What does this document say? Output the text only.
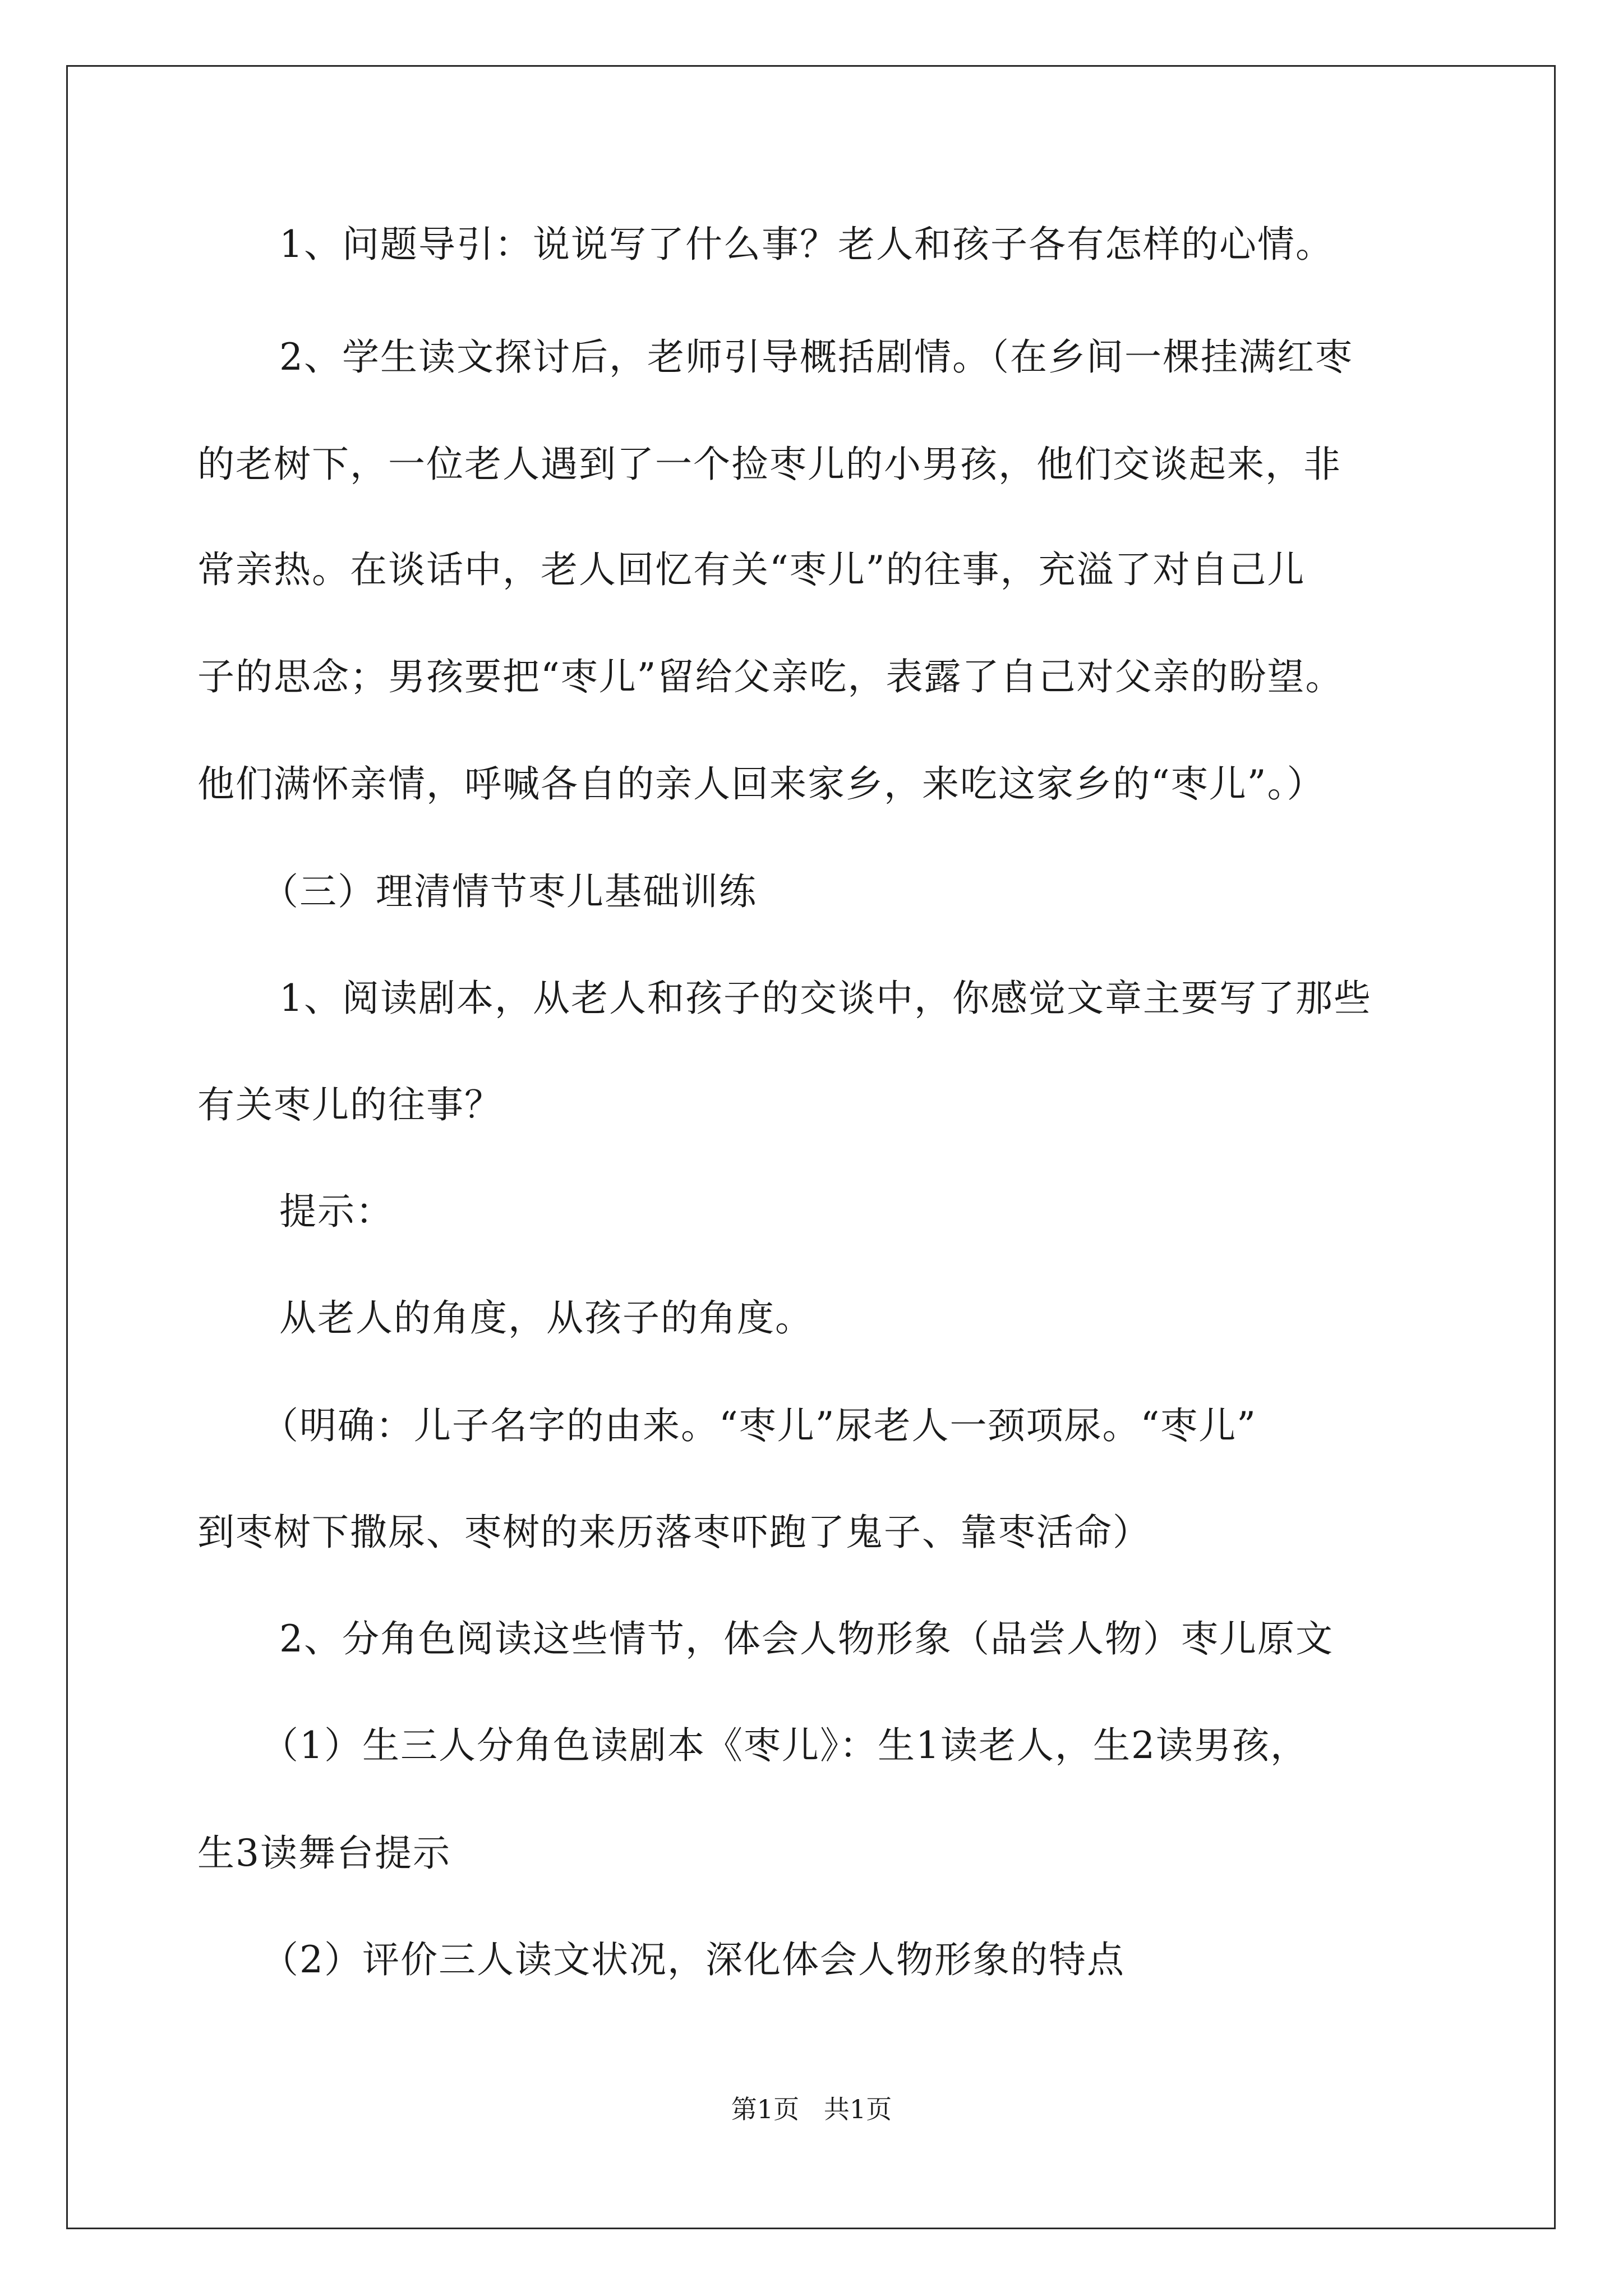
1、问题导引：说说写了什么事？老人和孩子各有怎样的心情。
2、学生读文探讨后，老师引导概括剧情。（在乡间一棵挂满红枣
的老树下，一位老人遇到了一个捡枣儿的小男孩，他们交谈起来，非
常亲热。在谈话中，老人回忆有关“枣儿”的往事，充溢了对自己儿
子的思念；男孩要把“枣儿”留给父亲吃，表露了自己对父亲的盼望。
他们满怀亲情，呼喊各自的亲人回来家乡，来吃这家乡的“枣儿”。）
（三）理清情节枣儿基础训练
1、阅读剧本，从老人和孩子的交谈中，你感觉文章主要写了那些
有关枣儿的往事？
提示：
从老人的角度，从孩子的角度。
（明确：儿子名字的由来。“枣儿”尿老人一颈项尿。“枣儿”
到枣树下撒尿、枣树的来历落枣吓跑了鬼子、靠枣活命）
2、分角色阅读这些情节，体会人物形象（品尝人物）枣儿原文
（1）生三人分角色读剧本《枣儿》：生1读老人，生2读男孩，
生3读舞台提示
（2）评价三人读文状况，深化体会人物形象的特点
第1页   共1页
